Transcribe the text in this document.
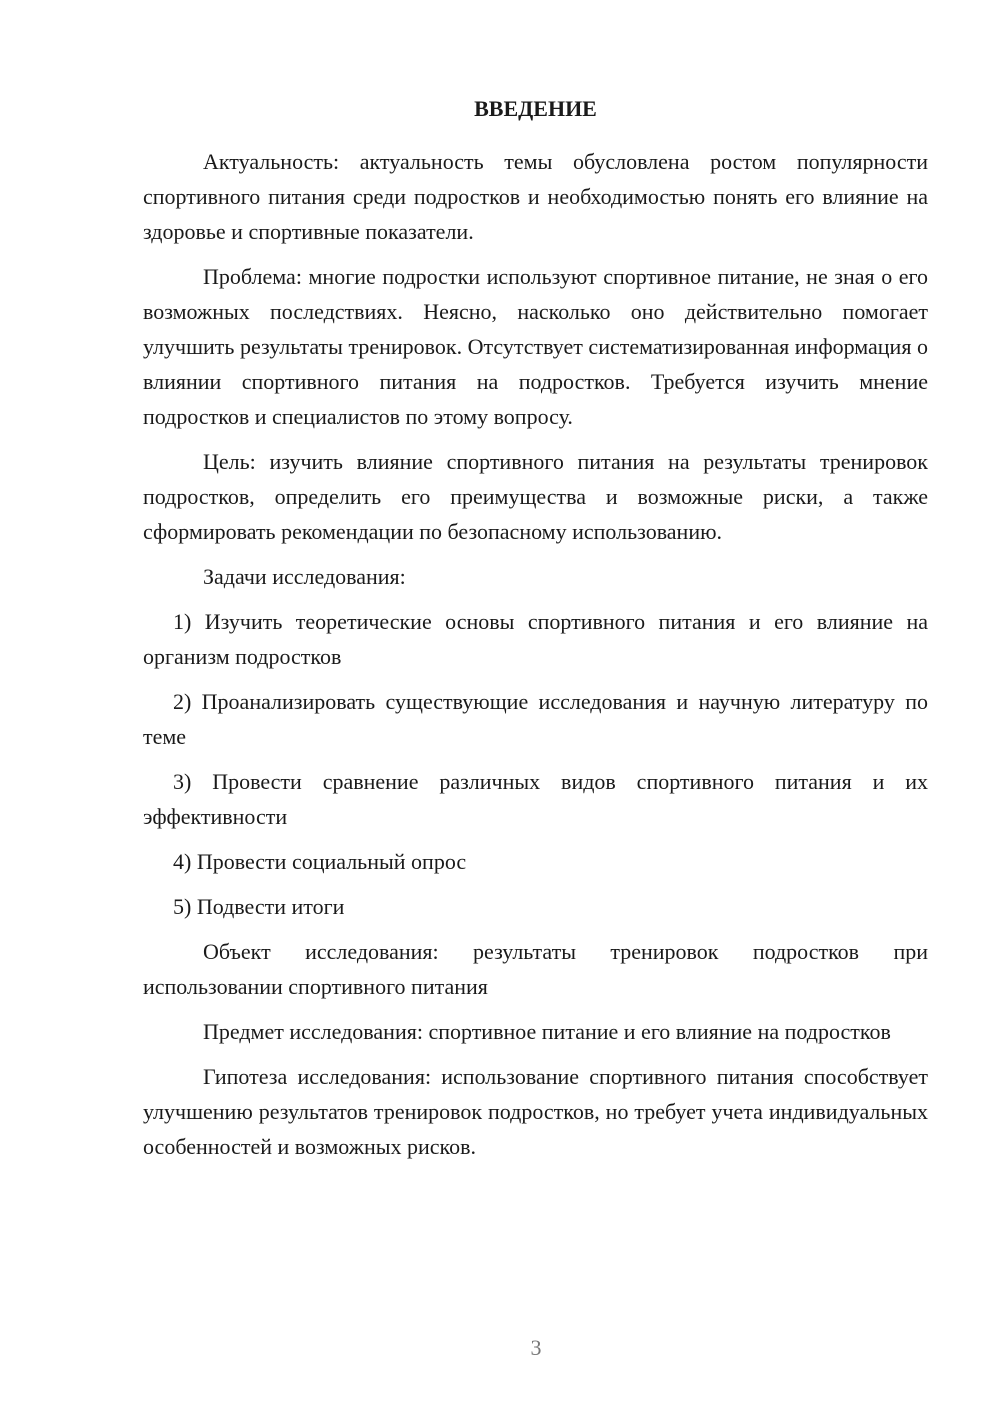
ВВЕДЕНИЕ

Актуальность: актуальность темы обусловлена ростом популярности спортивного питания среди подростков и необходимостью понять его влияние на здоровье и спортивные показатели.

Проблема: многие подростки используют спортивное питание, не зная о его возможных последствиях. Неясно, насколько оно действительно помогает улучшить результаты тренировок. Отсутствует систематизированная информация о влиянии спортивного питания на подростков. Требуется изучить мнение подростков и специалистов по этому вопросу.

Цель: изучить влияние спортивного питания на результаты тренировок подростков, определить его преимущества и возможные риски, а также сформировать рекомендации по безопасному использованию.

Задачи исследования:

1) Изучить теоретические основы спортивного питания и его влияние на организм подростков

2) Проанализировать существующие исследования и научную литературу по теме

3) Провести сравнение различных видов спортивного питания и их эффективности

4) Провести социальный опрос

5) Подвести итоги

Объект исследования: результаты тренировок подростков при использовании спортивного питания

Предмет исследования: спортивное питание и его влияние на подростков

Гипотеза исследования: использование спортивного питания способствует улучшению результатов тренировок подростков, но требует учета индивидуальных особенностей и возможных рисков.

3
